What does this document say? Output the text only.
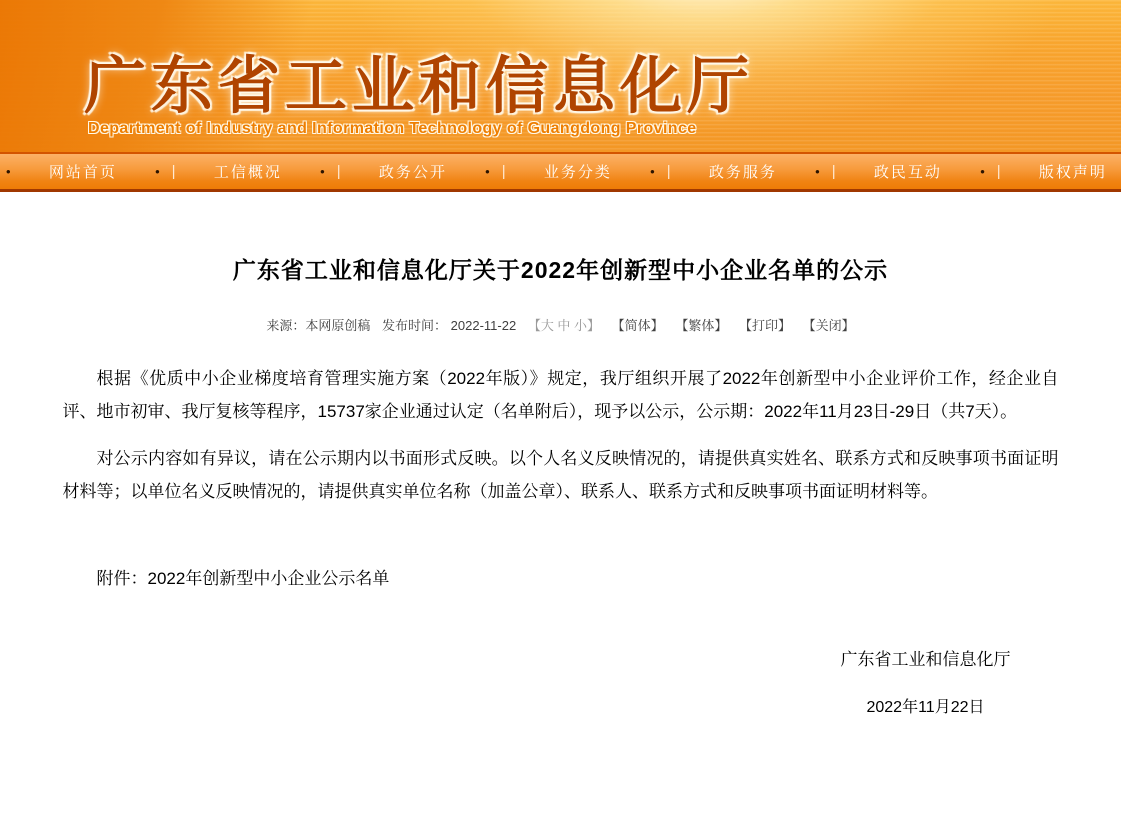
广东省工业和信息化厅
Department of Industry and Information Technology of Guangdong Province
•	网站首页	• |	工信概况	• |	政务公开	• |	业务分类	• |	政务服务	• |	政民互动	• |	版权声明
广东省工业和信息化厅关于2022年创新型中小企业名单的公示
来源：本网原创稿 发布时间： 2022-11-22 【大 中 小】 【简体】 【繁体】 【打印】 【关闭】

根据《优质中小企业梯度培育管理实施方案（2022年版）》规定，我厅组织开展了2022年创新型中小企业评价工作，经企业自评、地市初审、我厅复核等程序，15737家企业通过认定（名单附后），现予以公示，公示期：2022年11月23日-29日（共7天）。

对公示内容如有异议，请在公示期内以书面形式反映。以个人名义反映情况的，请提供真实姓名、联系方式和反映事项书面证明材料等；以单位名义反映情况的，请提供真实单位名称（加盖公章）、联系人、联系方式和反映事项书面证明材料等。

附件：2022年创新型中小企业公示名单

广东省工业和信息化厅
2022年11月22日
